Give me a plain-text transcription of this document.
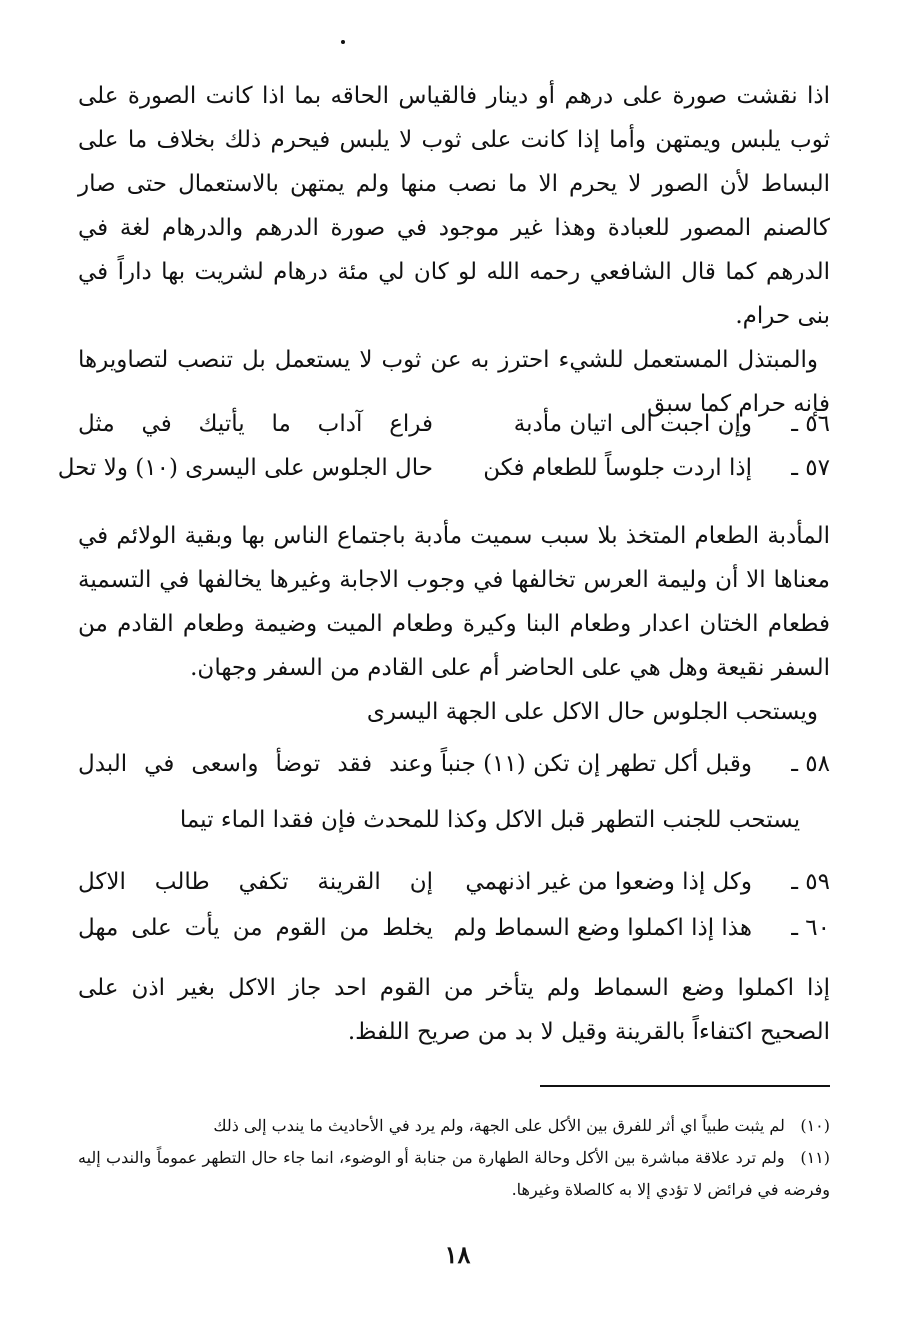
اذا نقشت صورة على درهم أو دينار فالقياس الحاقه بما اذا كانت الصورة على ثوب يلبس ويمتهن وأما إذا كانت على ثوب لا يلبس فيحرم ذلك بخلاف ما على البساط لأن الصور لا يحرم الا ما نصب منها ولم يمتهن بالاستعمال حتى صار كالصنم المصور للعبادة وهذا غير موجود في صورة الدرهم والدرهام لغة في الدرهم كما قال الشافعي رحمه الله لو كان لي مئة درهام لشريت بها داراً في بنى حرام.

والمبتذل المستعمل للشيء احترز به عن ثوب لا يستعمل بل تنصب لتصاويرها فإنه حرام كما سبق

٥٦ ـ
وإن اجبت الى اتيان مأدبة
فراع آداب ما يأتيك في مثل
٥٧ ـ
إذا اردت جلوساً للطعام فكن
حال الجلوس على اليسرى (١٠) ولا تحل

المأدبة الطعام المتخذ بلا سبب سميت مأدبة باجتماع الناس بها وبقية الولائم في معناها الا أن وليمة العرس تخالفها في وجوب الاجابة وغيرها يخالفها في التسمية فطعام الختان اعدار وطعام البنا وكيرة وطعام الميت وضيمة وطعام القادم من السفر نقيعة وهل هي على الحاضر أم على القادم من السفر وجهان.

ويستحب الجلوس حال الاكل على الجهة اليسرى

٥٨ ـ
وقبل أكل تطهر إن تكن (١١) جنباً
وعند فقد توضأ واسعى في البدل
يستحب للجنب التطهر قبل الاكل وكذا للمحدث فإن فقدا الماء تيما
٥٩ ـ
وكل إذا وضعوا من غير اذنهمي
إن القرينة تكفي طالب الاكل
٦٠ ـ
هذا إذا اكملوا وضع السماط ولم
يخلط من القوم من يأت على مهل

إذا اكملوا وضع السماط ولم يتأخر من القوم احد جاز الاكل بغير اذن على الصحيح اكتفاءاً بالقرينة وقيل لا بد من صريح اللفظ.

(١٠) لم يثبت طبياً اي أثر للفرق بين الأكل على الجهة، ولم يرد في الأحاديث ما يندب إلى ذلك

(١١) ولم ترد علاقة مباشرة بين الأكل وحالة الطهارة من جنابة أو الوضوء، انما جاء حال التطهر عموماً والندب إليه وفرضه في فرائض لا تؤدي إلا به كالصلاة وغيرها.

١٨
